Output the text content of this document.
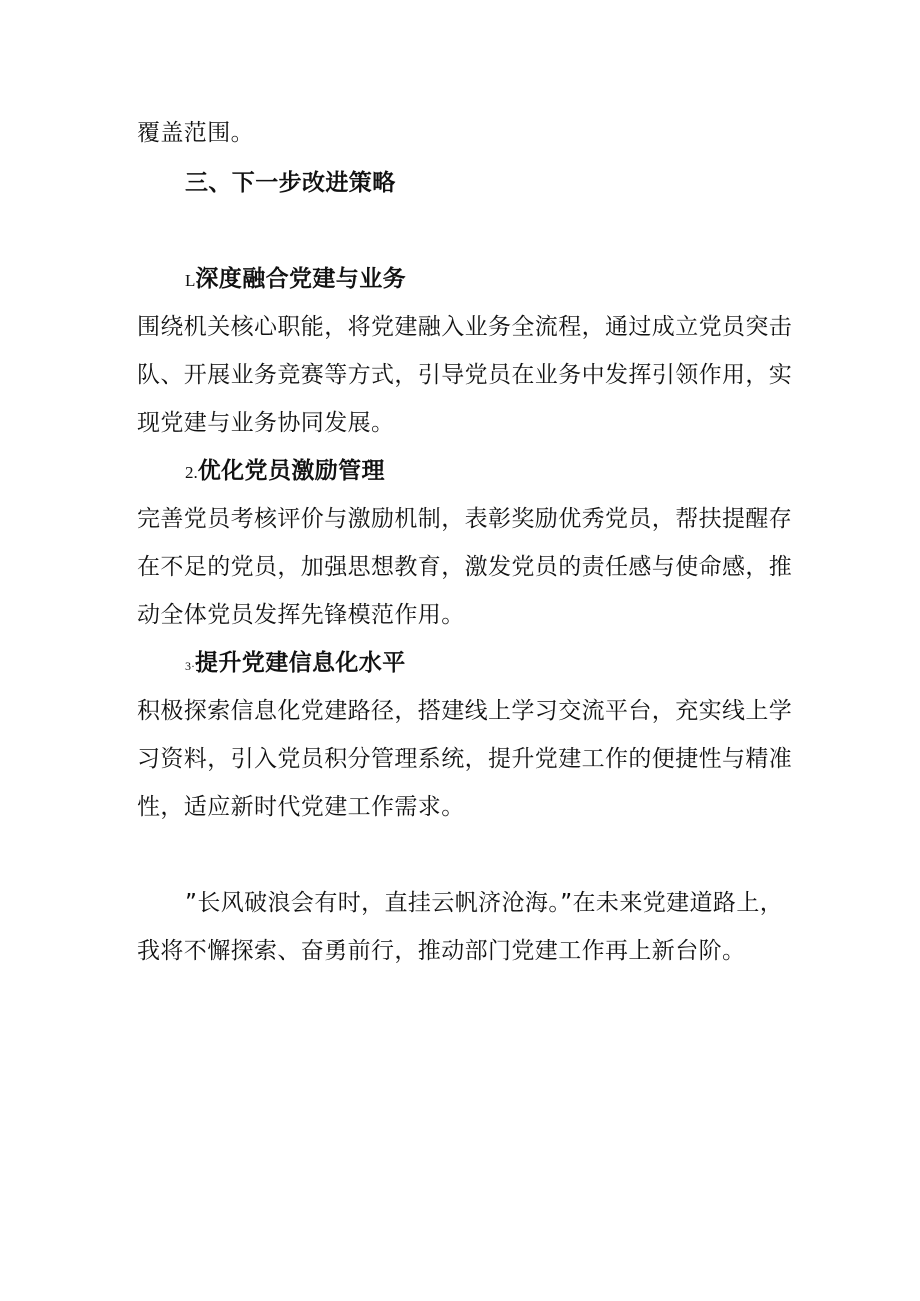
覆盖范围。
三、下一步改进策略
L深度融合党建与业务
围绕机关核心职能，将党建融入业务全流程，通过成立党员突击
队、开展业务竞赛等方式，引导党员在业务中发挥引领作用，实
现党建与业务协同发展。
2.优化党员激励管理
完善党员考核评价与激励机制，表彰奖励优秀党员，帮扶提醒存
在不足的党员，加强思想教育，激发党员的责任感与使命感，推
动全体党员发挥先锋模范作用。
3·提升党建信息化水平
积极探索信息化党建路径，搭建线上学习交流平台，充实线上学
习资料，引入党员积分管理系统，提升党建工作的便捷性与精准
性，适应新时代党建工作需求。
”长风破浪会有时，直挂云帆济沧海。”在未来党建道路上，
我将不懈探索、奋勇前行，推动部门党建工作再上新台阶。
